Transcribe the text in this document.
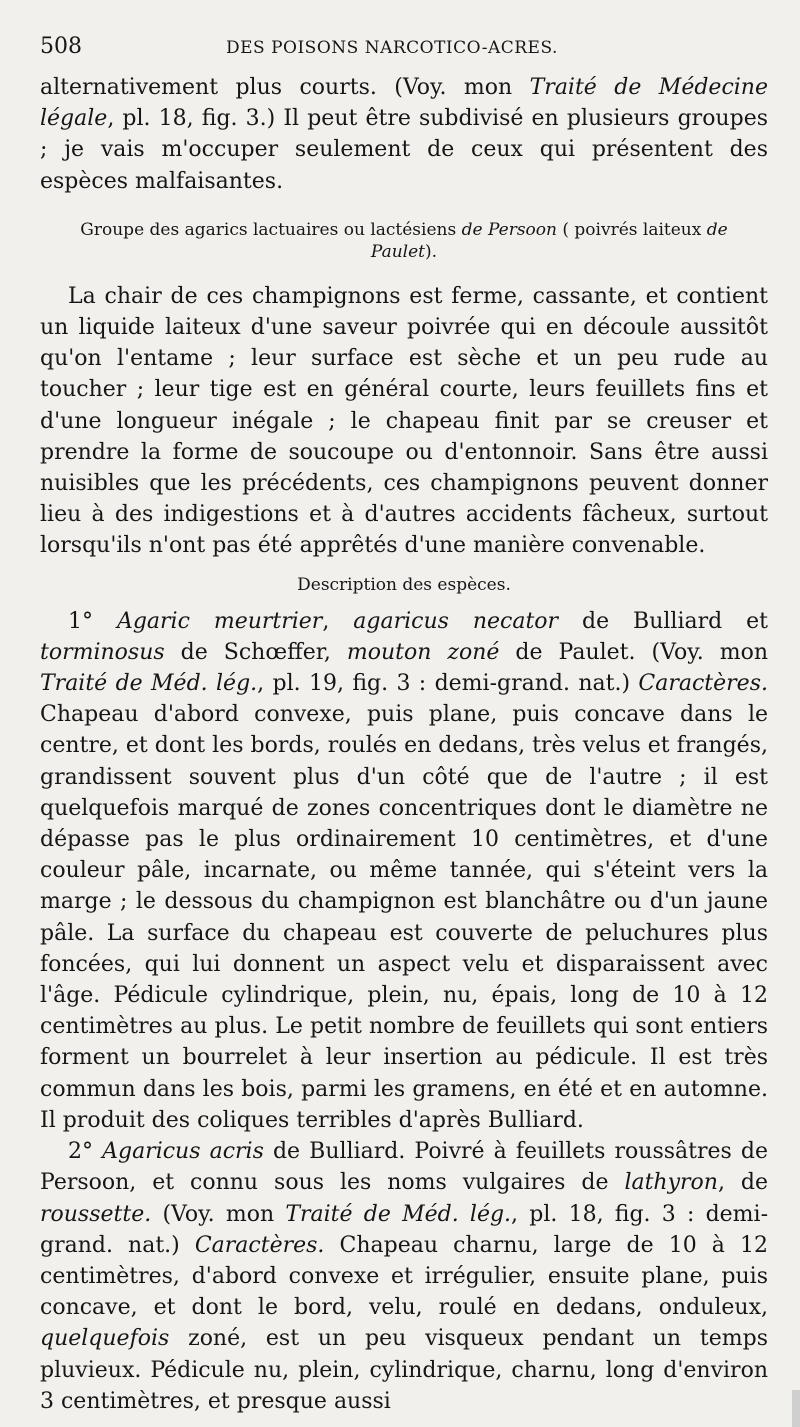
508	DES POISONS NARCOTICO-ACRES.

alternativement plus courts. (Voy. mon Traité de Médecine légale, pl. 18, fig. 3.) Il peut être subdivisé en plusieurs groupes ; je vais m'occuper seulement de ceux qui présentent des espèces malfaisantes.

Groupe des agarics lactuaires ou lactésiens de Persoon ( poivrés laiteux de Paulet).

La chair de ces champignons est ferme, cassante, et contient un liquide laiteux d'une saveur poivrée qui en découle aussitôt qu'on l'entame ; leur surface est sèche et un peu rude au toucher ; leur tige est en général courte, leurs feuillets fins et d'une longueur inégale ; le chapeau finit par se creuser et prendre la forme de soucoupe ou d'entonnoir. Sans être aussi nuisibles que les précédents, ces champignons peuvent donner lieu à des indigestions et à d'autres accidents fâcheux, surtout lorsqu'ils n'ont pas été apprêtés d'une manière convenable.

Description des espèces.

1° Agaric meurtrier, agaricus necator de Bulliard et torminosus de Schœffer, mouton zoné de Paulet. (Voy. mon Traité de Méd. lég., pl. 19, fig. 3 : demi-grand. nat.) Caractères. Chapeau d'abord convexe, puis plane, puis concave dans le centre, et dont les bords, roulés en dedans, très velus et frangés, grandissent souvent plus d'un côté que de l'autre ; il est quelquefois marqué de zones concentriques dont le diamètre ne dépasse pas le plus ordinairement 10 centimètres, et d'une couleur pâle, incarnate, ou même tannée, qui s'éteint vers la marge ; le dessous du champignon est blanchâtre ou d'un jaune pâle. La surface du chapeau est couverte de peluchures plus foncées, qui lui donnent un aspect velu et disparaissent avec l'âge. Pédicule cylindrique, plein, nu, épais, long de 10 à 12 centimètres au plus. Le petit nombre de feuillets qui sont entiers forment un bourrelet à leur insertion au pédicule. Il est très commun dans les bois, parmi les gramens, en été et en automne. Il produit des coliques terribles d'après Bulliard.

2° Agaricus acris de Bulliard. Poivré à feuillets roussâtres de Persoon, et connu sous les noms vulgaires de lathyron, de roussette. (Voy. mon Traité de Méd. lég., pl. 18, fig. 3 : demi-grand. nat.) Caractères. Chapeau charnu, large de 10 à 12 centimètres, d'abord convexe et irrégulier, ensuite plane, puis concave, et dont le bord, velu, roulé en dedans, onduleux, quelquefois zoné, est un peu visqueux pendant un temps pluvieux. Pédicule nu, plein, cylindrique, charnu, long d'environ 3 centimètres, et presque aussi
